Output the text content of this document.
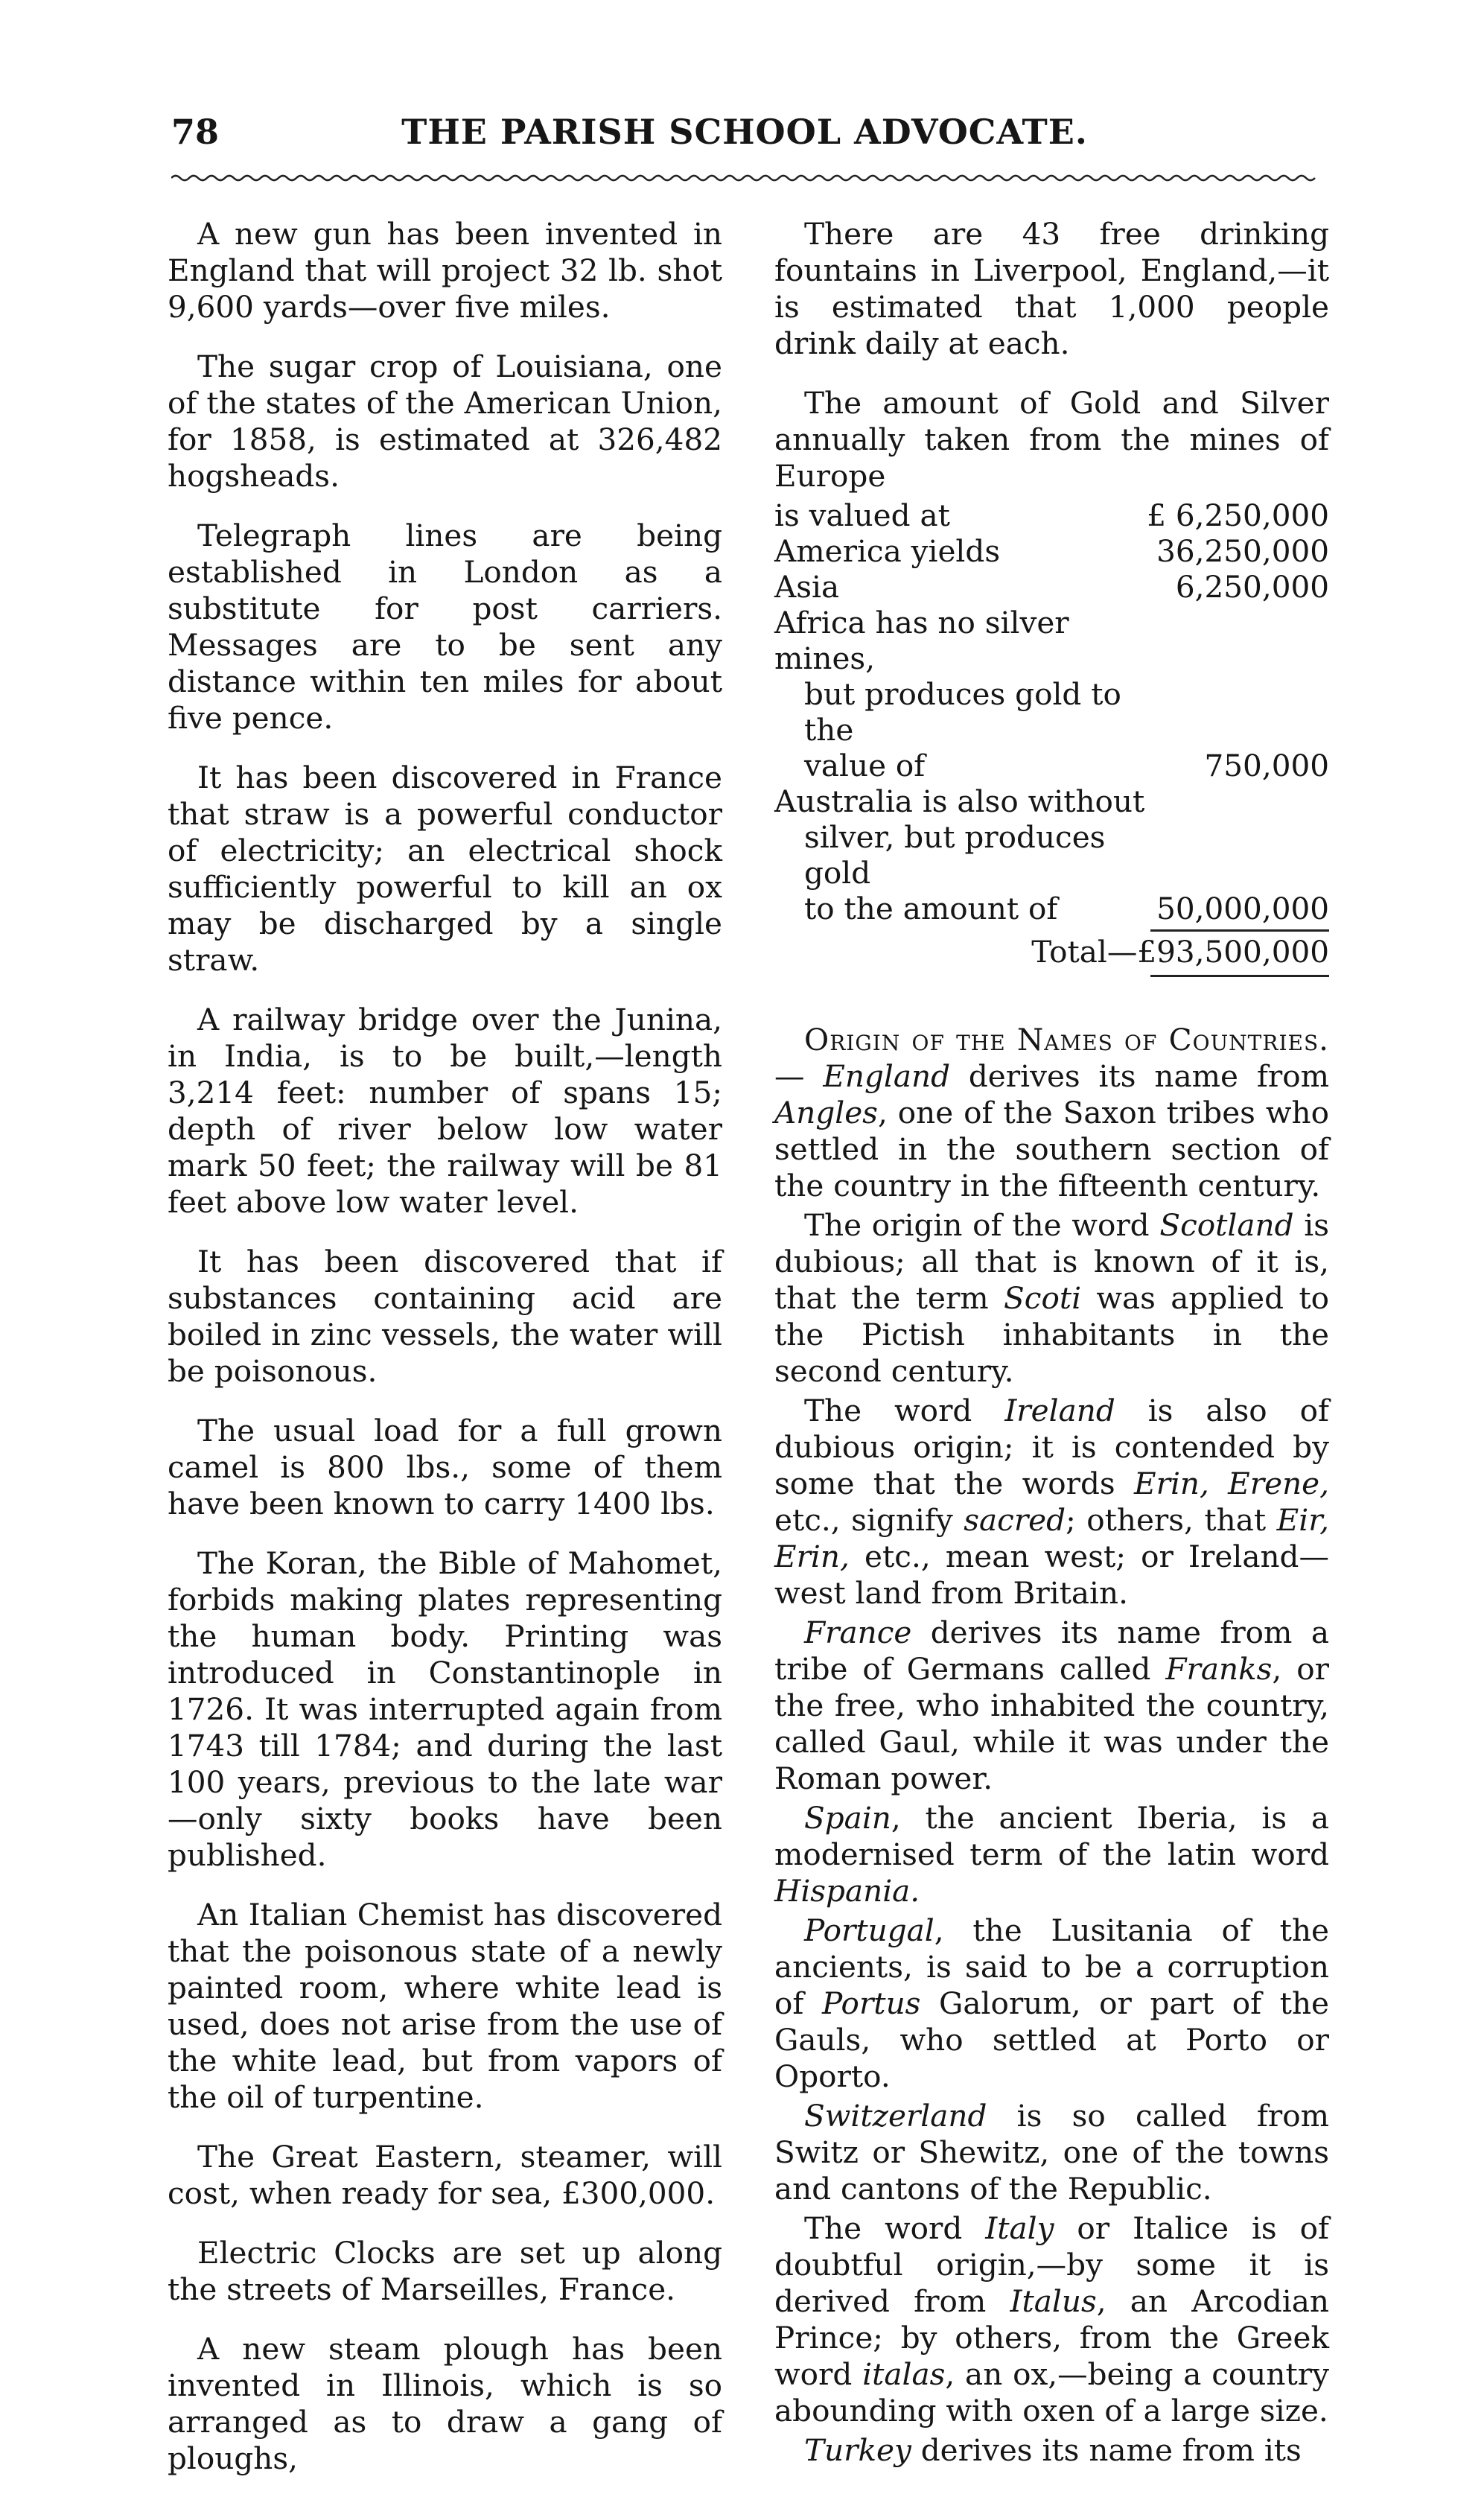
78	THE PARISH SCHOOL ADVOCATE.

A new gun has been invented in England that will project 32 lb. shot 9,600 yards—over five miles.

The sugar crop of Louisiana, one of the states of the American Union, for 1858, is estimated at 326,482 hogsheads.

Telegraph lines are being established in London as a substitute for post carriers. Messages are to be sent any distance within ten miles for about five pence.

It has been discovered in France that straw is a powerful conductor of electricity; an electrical shock sufficiently powerful to kill an ox may be discharged by a single straw.

A railway bridge over the Junina, in India, is to be built,—length 3,214 feet: number of spans 15; depth of river below low water mark 50 feet; the railway will be 81 feet above low water level.

It has been discovered that if substances containing acid are boiled in zinc vessels, the water will be poisonous.

The usual load for a full grown camel is 800 lbs., some of them have been known to carry 1400 lbs.

The Koran, the Bible of Mahomet, forbids making plates representing the human body. Printing was introduced in Constantinople in 1726. It was interrupted again from 1743 till 1784; and during the last 100 years, previous to the late war—only sixty books have been published.

An Italian Chemist has discovered that the poisonous state of a newly painted room, where white lead is used, does not arise from the use of the white lead, but from vapors of the oil of turpentine.

The Great Eastern, steamer, will cost, when ready for sea, £300,000.

Electric Clocks are set up along the streets of Marseilles, France.

A new steam plough has been invented in Illinois, which is so arranged as to draw a gang of ploughs,

There are 43 free drinking fountains in Liverpool, England,—it is estimated that 1,000 people drink daily at each.

The amount of Gold and Silver annually taken from the mines of Europe

is valued at	£ 6,250,000
America yields	36,250,000
Asia	6,250,000
Africa has no silver mines,	
but produces gold to the	
value of	750,000
Australia is also without	
silver, but produces gold	
to the amount of	50,000,000
Total—£93,500,000

Origin of the Names of Countries. — England derives its name from Angles, one of the Saxon tribes who settled in the southern section of the country in the fifteenth century.

The origin of the word Scotland is dubious; all that is known of it is, that the term Scoti was applied to the Pictish inhabitants in the second century.

The word Ireland is also of dubious origin; it is contended by some that the words Erin, Erene, etc., signify sacred; others, that Eir, Erin, etc., mean west; or Ireland—west land from Britain.

France derives its name from a tribe of Germans called Franks, or the free, who inhabited the country, called Gaul, while it was under the Roman power.

Spain, the ancient Iberia, is a modernised term of the latin word Hispania.

Portugal, the Lusitania of the ancients, is said to be a corruption of Portus Galorum, or part of the Gauls, who settled at Porto or Oporto.

Switzerland is so called from Switz or Shewitz, one of the towns and cantons of the Republic.

The word Italy or Italice is of doubtful origin,—by some it is derived from Italus, an Arcodian Prince; by others, from the Greek word italas, an ox,—being a country abounding with oxen of a large size.

Turkey derives its name from its
